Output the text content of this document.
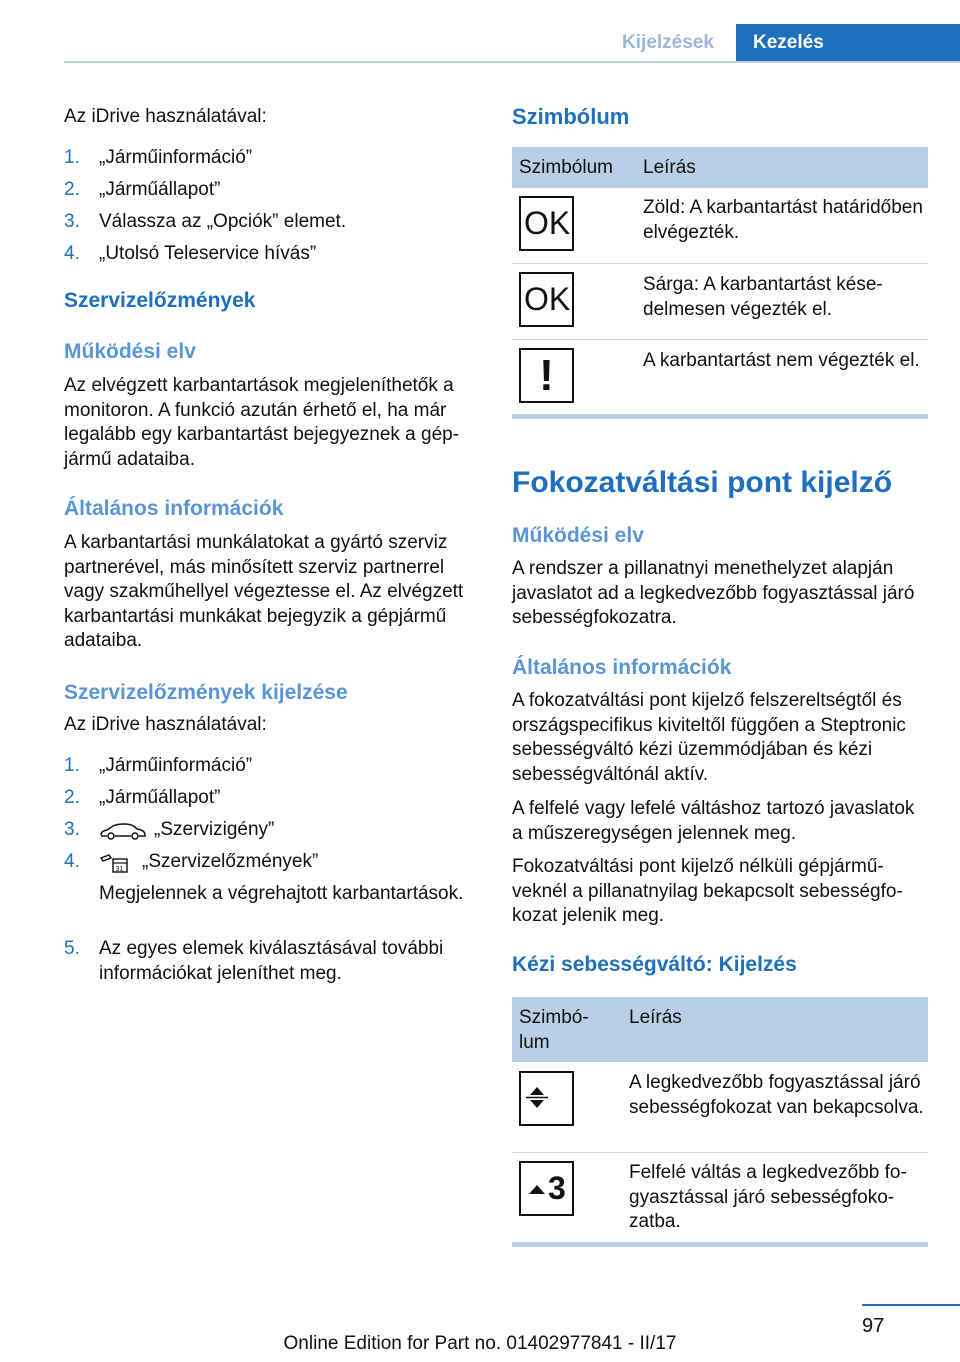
Kijelzések	Kezelés
Az iDrive használatával:
1. „Járműinformáció”
2. „Járműállapot”
3. Válassza az „Opciók” elemet.
4. „Utolsó Teleservice hívás”
Szervizelőzmények
Működési elv
Az elvégzett karbantartások megjeleníthetők a monitoron. A funkció azután érhető el, ha már legalább egy karbantartást bejegyeznek a gépjármű adataiba.
Általános információk
A karbantartási munkálatokat a gyártó szerviz partnerével, más minősített szerviz partnerrel vagy szakműhellyel végeztesse el. Az elvégzett karbantartási munkákat bejegyzik a gépjármű adataiba.
Szervizelőzmények kijelzése
Az iDrive használatával:
1. „Járműinformáció”
2. „Járműállapot”
3.	„Szervizigény”
4.	31 „Szervizelőzmények”
Megjelennek a végrehajtott karbantartások.
5. Az egyes elemek kiválasztásával további információkat jeleníthet meg.
Szimbólum
Szimbólum Leírás
OK	Zöld: A karbantartást határidőben elvégezték.
OK	Sárga: A karbantartást késedelmesen végezték el.
!	A karbantartást nem végezték el.
Fokozatváltási pont kijelző
Működési elv
A rendszer a pillanatnyi menethelyzet alapján javaslatot ad a legkedvezőbb fogyasztással járó sebességfokozatra.
Általános információk
A fokozatváltási pont kijelző felszereltségtől és országspecifikus kiviteltől függően a Steptronic sebességváltó kézi üzemmódjában és kézi sebességváltónál aktív.
A felfelé vagy lefelé váltáshoz tartozó javaslatok a műszeregységen jelennek meg.
Fokozatváltási pont kijelző nélküli gépjárműveknél a pillanatnyilag bekapcsolt sebességfokozat jelenik meg.
Kézi sebességváltó: Kijelzés
Szimbólum
Leírás
A legkedvezőbb fogyasztással járó sebességfokozat van bekapcsolva.
3	Felfelé váltás a legkedvezőbb fogyasztással járó sebességfokozatba.
97
Online Edition for Part no. 01402977841 - II/17
